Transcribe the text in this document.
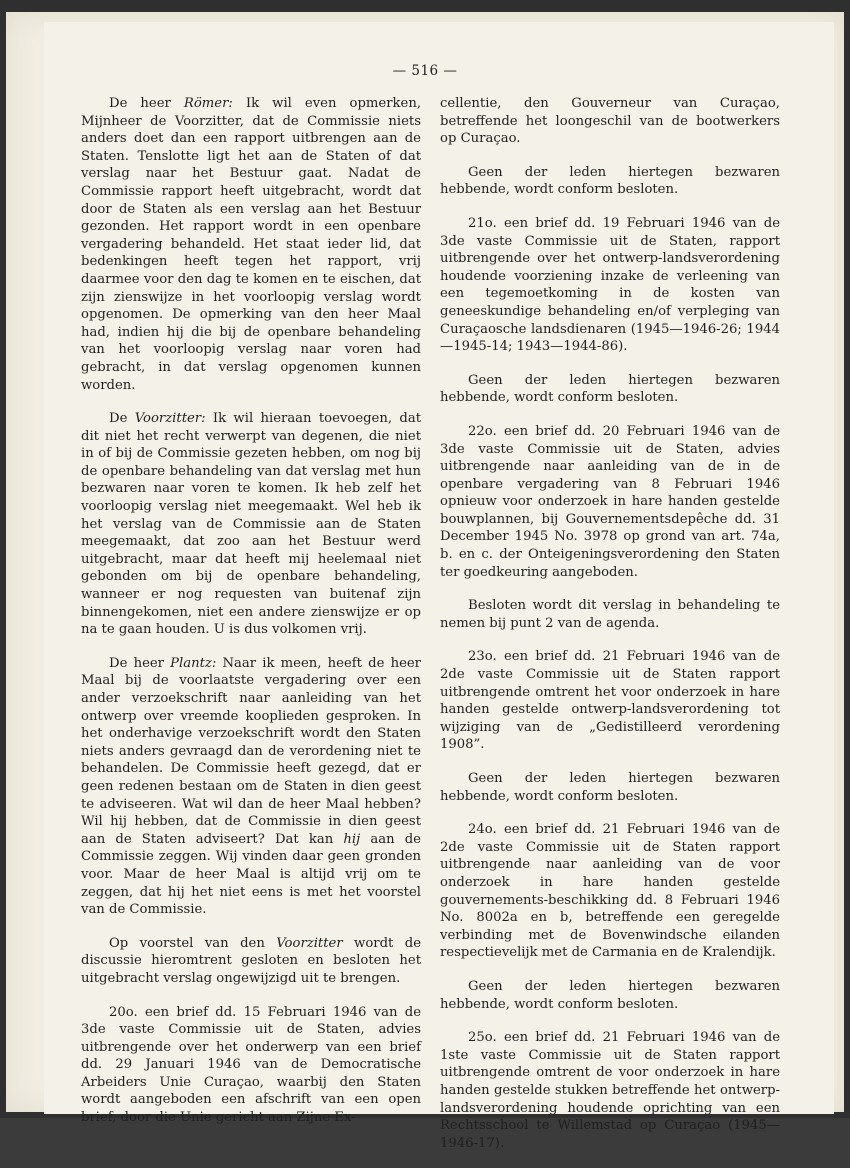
— 516 —

De heer Römer: Ik wil even opmerken, Mijnheer de Voorzitter, dat de Commissie niets anders doet dan een rapport uitbrengen aan de Staten. Tenslotte ligt het aan de Staten of dat verslag naar het Bestuur gaat. Nadat de Commissie rapport heeft uitgebracht, wordt dat door de Staten als een verslag aan het Bestuur gezonden. Het rapport wordt in een openbare vergadering behandeld. Het staat ieder lid, dat bedenkingen heeft tegen het rapport, vrij daarmee voor den dag te komen en te eischen, dat zijn zienswijze in het voorloopig verslag wordt opgenomen. De opmerking van den heer Maal had, indien hij die bij de openbare behandeling van het voorloopig verslag naar voren had gebracht, in dat verslag opgenomen kunnen worden.

De Voorzitter: Ik wil hieraan toevoegen, dat dit niet het recht verwerpt van degenen, die niet in of bij de Commissie gezeten hebben, om nog bij de openbare behandeling van dat verslag met hun bezwaren naar voren te komen. Ik heb zelf het voorloopig verslag niet meegemaakt. Wel heb ik het verslag van de Commissie aan de Staten meegemaakt, dat zoo aan het Bestuur werd uitgebracht, maar dat heeft mij heelemaal niet gebonden om bij de openbare behandeling, wanneer er nog requesten van buitenaf zijn binnengekomen, niet een andere zienswijze er op na te gaan houden. U is dus volkomen vrij.

De heer Plantz: Naar ik meen, heeft de heer Maal bij de voorlaatste vergadering over een ander verzoekschrift naar aanleiding van het ontwerp over vreemde kooplieden gesproken. In het onderhavige verzoekschrift wordt den Staten niets anders gevraagd dan de verordening niet te behandelen. De Commissie heeft gezegd, dat er geen redenen bestaan om de Staten in dien geest te adviseeren. Wat wil dan de heer Maal hebben? Wil hij hebben, dat de Commissie in dien geest aan de Staten adviseert? Dat kan hij aan de Commissie zeggen. Wij vinden daar geen gronden voor. Maar de heer Maal is altijd vrij om te zeggen, dat hij het niet eens is met het voorstel van de Commissie.

Op voorstel van den Voorzitter wordt de discussie hieromtrent gesloten en besloten het uitgebracht verslag ongewijzigd uit te brengen.

20o. een brief dd. 15 Februari 1946 van de 3de vaste Commissie uit de Staten, advies uitbrengende over het onderwerp van een brief dd. 29 Januari 1946 van de Democratische Arbeiders Unie Curaçao, waarbij den Staten wordt aangeboden een afschrift van een open brief, door die Unie gericht aan Zijne Ex-

cellentie, den Gouverneur van Curaçao, betreffende het loongeschil van de bootwerkers op Curaçao.

Geen der leden hiertegen bezwaren hebbende, wordt conform besloten.

21o. een brief dd. 19 Februari 1946 van de 3de vaste Commissie uit de Staten, rapport uitbrengende over het ontwerp-landsverordening houdende voorziening inzake de verleening van een tegemoetkoming in de kosten van geneeskundige behandeling en/of verpleging van Curaçaosche landsdienaren (1945—1946-26; 1944—1945-14; 1943—1944-86).

Geen der leden hiertegen bezwaren hebbende, wordt conform besloten.

22o. een brief dd. 20 Februari 1946 van de 3de vaste Commissie uit de Staten, advies uitbrengende naar aanleiding van de in de openbare vergadering van 8 Februari 1946 opnieuw voor onderzoek in hare handen gestelde bouwplannen, bij Gouvernementsdepêche dd. 31 December 1945 No. 3978 op grond van art. 74a, b. en c. der Onteigeningsverordening den Staten ter goedkeuring aangeboden.

Besloten wordt dit verslag in behandeling te nemen bij punt 2 van de agenda.

23o. een brief dd. 21 Februari 1946 van de 2de vaste Commissie uit de Staten rapport uitbrengende omtrent het voor onderzoek in hare handen gestelde ontwerp-landsverordening tot wijziging van de „Gedistilleerd verordening 1908”.

Geen der leden hiertegen bezwaren hebbende, wordt conform besloten.

24o. een brief dd. 21 Februari 1946 van de 2de vaste Commissie uit de Staten rapport uitbrengende naar aanleiding van de voor onderzoek in hare handen gestelde gouvernements-beschikking dd. 8 Februari 1946 No. 8002a en b, betreffende een geregelde verbinding met de Bovenwindsche eilanden respectievelijk met de Carmania en de Kralendijk.

Geen der leden hiertegen bezwaren hebbende, wordt conform besloten.

25o. een brief dd. 21 Februari 1946 van de 1ste vaste Commissie uit de Staten rapport uitbrengende omtrent de voor onderzoek in hare handen gestelde stukken betreffende het ontwerp-landsverordening houdende oprichting van een Rechtsschool te Willemstad op Curaçao (1945—1946-17).
